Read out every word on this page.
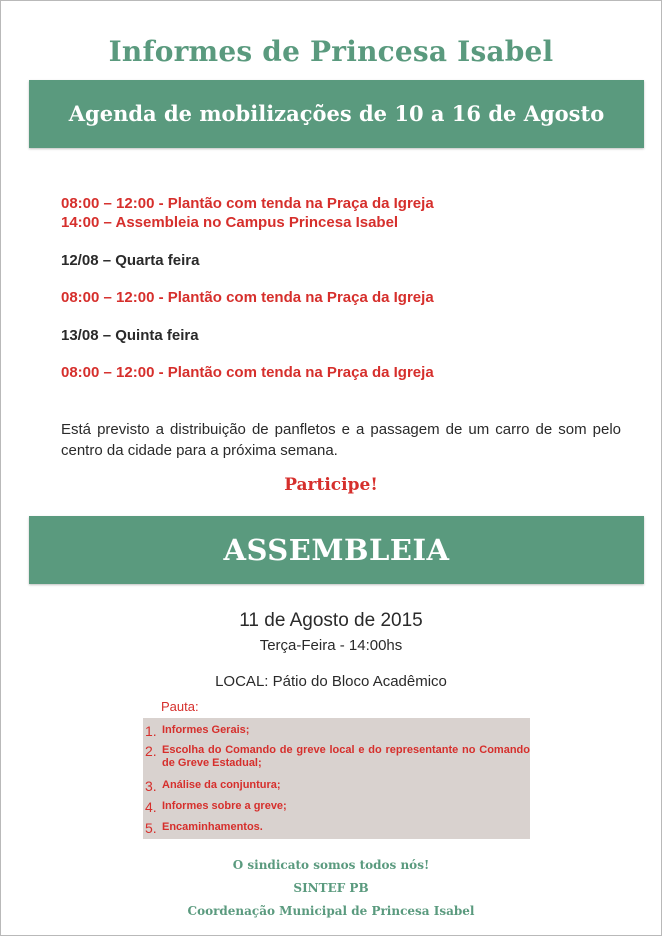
Informes de Princesa Isabel
Agenda de mobilizações de 10 a 16 de Agosto
08:00 – 12:00 - Plantão com tenda na Praça da Igreja
14:00 – Assembleia no Campus Princesa Isabel
12/08 – Quarta feira
08:00 – 12:00 - Plantão com tenda na Praça da Igreja
13/08 – Quinta feira
08:00 – 12:00 - Plantão com tenda na Praça da Igreja
Está previsto a distribuição de panfletos e a passagem de um carro de som pelo centro da cidade para a próxima semana.
Participe!
ASSEMBLEIA
11 de Agosto de 2015
Terça-Feira - 14:00hs
LOCAL: Pátio do Bloco Acadêmico
Pauta:
1. Informes Gerais;
2. Escolha do Comando de greve local e do representante no Comando de Greve Estadual;
3. Análise da conjuntura;
4. Informes sobre a greve;
5. Encaminhamentos.
O sindicato somos todos nós!
SINTEF PB
Coordenação Municipal de Princesa Isabel
